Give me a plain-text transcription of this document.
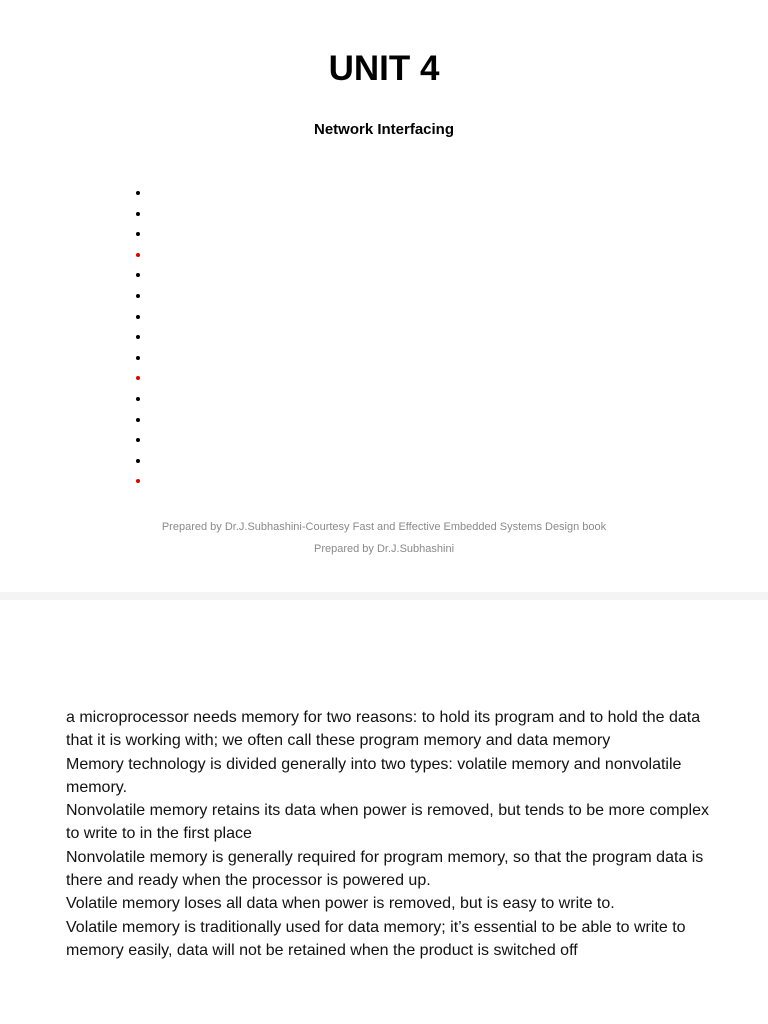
UNIT 4
Network Interfacing
Prepared by Dr.J.Subhashini-Courtesy Fast and Effective Embedded Systems Design book
Prepared by Dr.J.Subhashini
a microprocessor needs memory for two reasons: to hold its program and to hold the data that it is working with; we often call these program memory and data memory
Memory technology is divided generally into two types: volatile memory and nonvolatile memory.
Nonvolatile memory retains its data when power is removed, but tends to be more complex to write to in the first place
Nonvolatile memory is generally required for program memory, so that the program data is there and ready when the processor is powered up.
Volatile memory loses all data when power is removed, but is easy to write to.
Volatile memory is traditionally used for data memory; it’s essential to be able to write to memory easily, data will not be retained when the product is switched off
